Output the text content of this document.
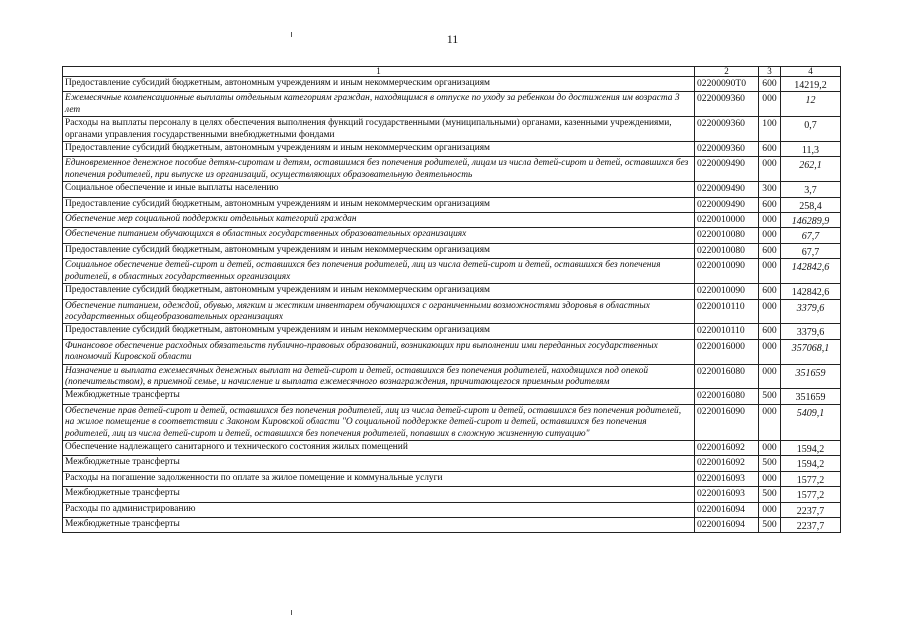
11
1	2	3	4
Предоставление субсидий бюджетным, автономным учреждениям и иным некоммерческим организациям	02200090T0	600	14219,2
Ежемесячные компенсационные выплаты отдельным категориям граждан, находящимся в отпуске по уходу за ребенком до достижения им возраста 3 лет	0220009360	000	12
Расходы на выплаты персоналу в целях обеспечения выполнения функций государственными (муниципальными) органами, казенными учреждениями, органами управления государственными внебюджетными фондами	0220009360	100	0,7
Предоставление субсидий бюджетным, автономным учреждениям и иным некоммерческим организациям	0220009360	600	11,3
Единовременное денежное пособие детям-сиротам и детям, оставшимся без попечения родителей, лицам из числа детей-сирот и детей, оставшихся без попечения родителей, при выпуске из организаций, осуществляющих образовательную деятельность	0220009490	000	262,1
Социальное обеспечение и иные выплаты населению	0220009490	300	3,7
Предоставление субсидий бюджетным, автономным учреждениям и иным некоммерческим организациям	0220009490	600	258,4
Обеспечение мер социальной поддержки отдельных категорий граждан	0220010000	000	146289,9
Обеспечение питанием обучающихся в областных государственных образовательных организациях	0220010080	000	67,7
Предоставление субсидий бюджетным, автономным учреждениям и иным некоммерческим организациям	0220010080	600	67,7
Социальное обеспечение детей-сирот и детей, оставшихся без попечения родителей, лиц из числа детей-сирот и детей, оставшихся без попечения родителей, в областных государственных организациях	0220010090	000	142842,6
Предоставление субсидий бюджетным, автономным учреждениям и иным некоммерческим организациям	0220010090	600	142842,6
Обеспечение питанием, одеждой, обувью, мягким и жестким инвентарем обучающихся с ограниченными возможностями здоровья в областных государственных общеобразовательных организациях	0220010110	000	3379,6
Предоставление субсидий бюджетным, автономным учреждениям и иным некоммерческим организациям	0220010110	600	3379,6
Финансовое обеспечение расходных обязательств публично-правовых образований, возникающих при выполнении ими переданных государственных полномочий Кировской области	0220016000	000	357068,1
Назначение и выплата ежемесячных денежных выплат на детей-сирот и детей, оставшихся без попечения родителей, находящихся под опекой (попечительством), в приемной семье, и начисление и выплата ежемесячного вознаграждения, причитающегося приемным родителям	0220016080	000	351659
Межбюджетные трансферты	0220016080	500	351659
Обеспечение прав детей-сирот и детей, оставшихся без попечения родителей, лиц из числа детей-сирот и детей, оставшихся без попечения родителей, на жилое помещение в соответствии с Законом Кировской области "О социальной поддержке детей-сирот и детей, оставшихся без попечения родителей, лиц из числа детей-сирот и детей, оставшихся без попечения родителей, попавших в сложную жизненную ситуацию"	0220016090	000	5409,1
Обеспечение надлежащего санитарного и технического состояния жилых помещений	0220016092	000	1594,2
Межбюджетные трансферты	0220016092	500	1594,2
Расходы на погашение задолженности по оплате за жилое помещение и коммунальные услуги	0220016093	000	1577,2
Межбюджетные трансферты	0220016093	500	1577,2
Расходы по администрированию	0220016094	000	2237,7
Межбюджетные трансферты	0220016094	500	2237,7
